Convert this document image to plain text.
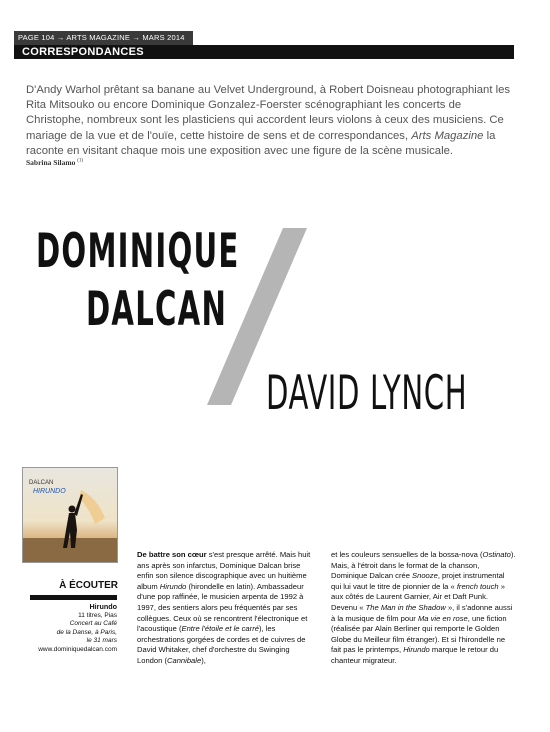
PAGE 104 → ARTS MAGAZINE → MARS 2014
CORRESPONDANCES
D'Andy Warhol prêtant sa banane au Velvet Underground, à Robert Doisneau photographiant les Rita Mitsouko ou encore Dominique Gonzalez-Foerster scénographiant les concerts de Christophe, nombreux sont les plasticiens qui accordent leurs violons à ceux des musiciens. Ce mariage de la vue et de l'ouïe, cette histoire de sens et de correspondances, Arts Magazine la raconte en visitant chaque mois une exposition avec une figure de la scène musicale.
Sabrina Silamo $^{(1)}$
DOMINIQUE
DALCAN
DAVID LYNCH
DALCAN
HIRUNDO
À ÉCOUTER
Hirundo
11 titres, Pias
Concert au Café
de la Danse, à Paris,
le 31 mars
www.dominiquedalcan.com
De battre son cœur s'est presque arrêté. Mais huit ans après son infarctus, Dominique Dalcan brise enfin son silence discographique avec un huitième album Hirundo (hirondelle en latin). Ambassadeur d'une pop raffinée, le musicien arpenta de 1992 à 1997, des sentiers alors peu fréquentés par ses collègues. Ceux où se rencontrent l'électronique et l'acoustique (Entre l'étoile et le carré), les orchestrations gorgées de cordes et de cuivres de David Whitaker, chef d'orchestre du Swinging London (Cannibale),
et les couleurs sensuelles de la bossa-nova (Ostinato). Mais, à l'étroit dans le format de la chanson, Dominique Dalcan crée Snooze, projet instrumental qui lui vaut le titre de pionnier de la « french touch » aux côtés de Laurent Garnier, Air et Daft Punk. Devenu « The Man in the Shadow », il s'adonne aussi à la musique de film pour Ma vie en rose, une fiction (réalisée par Alain Berliner qui remporte le Golden Globe du Meilleur film étranger). Et si l'hirondelle ne fait pas le printemps, Hirundo marque le retour du chanteur migrateur.
